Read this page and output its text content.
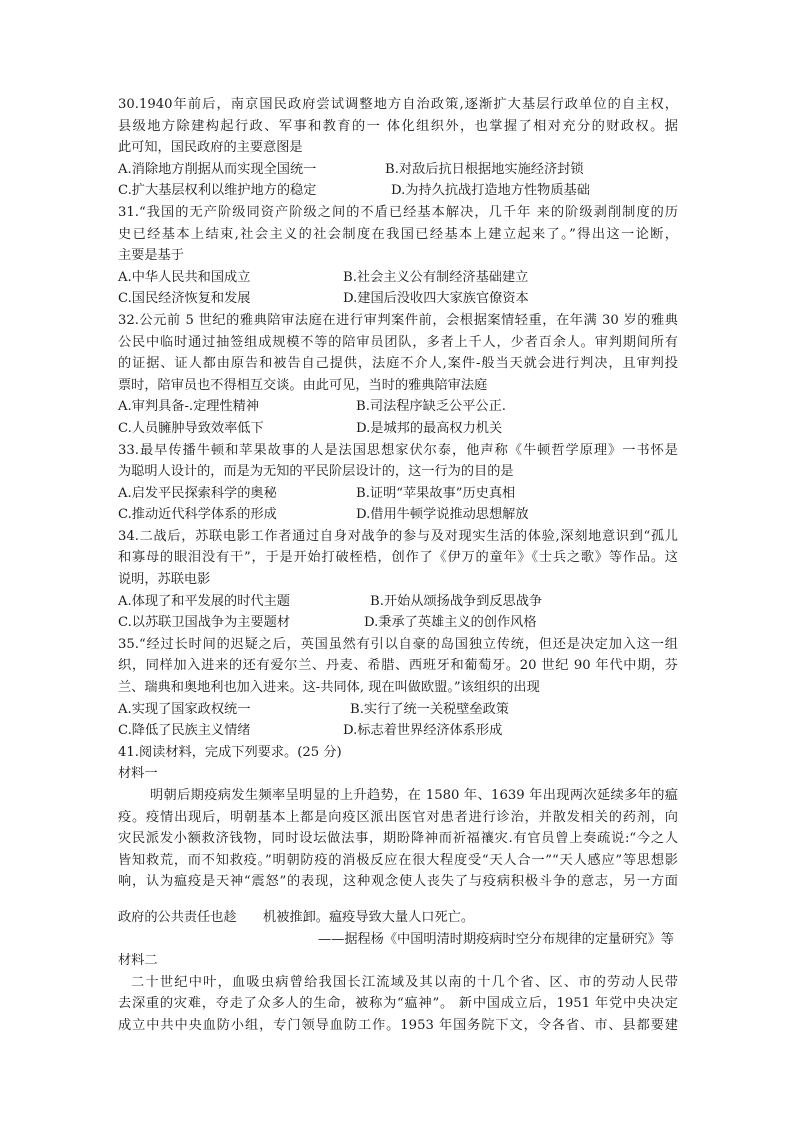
30.1940年前后，南京国民政府尝试调整地方自治政策,逐渐扩大基层行政单位的自主权，
县级地方除建构起行政、军事和教育的一 体化组织外，也掌握了相对充分的财政权。据
此可知，国民政府的主要意图是
A.消除地方削据从而实现全国统一	B.对敌后抗日根据地实施经济封锁
C.扩大基层权利以维护地方的稳定	D.为持久抗战打造地方性物质基础
31.“我国的无产阶级同资产阶级之间的不盾已经基本解决，几千年 来的阶级剥削制度的历
史已经基本上结束,社会主义的社会制度在我国已经基本上建立起来了。”得出这一论断，
主要是基于
A.中华人民共和国成立	B.社会主义公有制经济基础建立
C.国民经济恢复和发展	D.建国后没收四大家族官僚资本
32.公元前 5 世纪的雅典陪审法庭在进行审判案件前，会根据案情轻重，在年满 30 岁的雅典
公民中临时通过抽签组成规模不等的陪审员团队，多者上千人，少者百余人。审判期间所有
的证据、证人都由原告和被告自己提供，法庭不介人,案件-般当天就会进行判决，且审判投
票时，陪审员也不得相互交谈。由此可见，当时的雅典陪审法庭
A.审判具备-.定理性精神	B.司法程序缺乏公平公正.
C.人员臃肿导致效率低下	D.是城邦的最高权力机关
33.最早传播牛顿和苹果故事的人是法国思想家伏尔泰，他声称《牛顿哲学原理》一书怀是
为聪明人设计的，而是为无知的平民阶层设计的，这一行为的目的是
A.启发平民探索科学的奥秘	B.证明“苹果故事”历史真相
C.推动近代科学体系的形成	D.借用牛顿学说推动思想解放
34.二战后，苏联电影工作者通过自身对战争的参与及对现实生活的体验,深刻地意识到“孤儿
和寡母的眼泪没有干”，于是开始打破桎梏，创作了《伊万的童年》《士兵之歌》等作品。这
说明，苏联电影
A.体现了和平发展的时代主题	B.开始从颂扬战争到反思战争
C.以苏联卫国战争为主要题材	D.秉承了英雄主义的创作风格
35.“经过长时间的迟疑之后，英国虽然有引以自豪的岛国独立传统，但还是决定加入这一组
织，同样加入进来的还有爱尔兰、丹麦、希腊、西班牙和葡萄牙。20 世纪 90 年代中期，芬
兰、瑞典和奥地利也加入进来。这-共同体, 现在叫做欧盟。”该组织的出现
A.实现了国家政权统一	B.实行了统一关税壁垒政策
C.降低了民族主义情绪	D.标志着世界经济体系形成
41.阅读材料，完成下列要求。(25 分)
材料一
明朝后期疫病发生频率呈明显的上升趋势，在 1580 年、1639 年出现两次延续多年的瘟
疫。疫情出现后，明朝基本上都是向疫区派出医官对患者进行诊治，并散发相关的药剂，向
灾民派发小额救济钱物，同时设坛做法事，期盼降神而祈福禳灾.有官员曾上奏疏说:“今之人
皆知救荒，而不知救疫。”明朝防疫的消极反应在很大程度受“天人合一”“天人感应”等思想影
响，认为瘟疫是天神“震怒”的表现，这种观念使人丧失了与疫病积极斗争的意志，另一方面
政府的公共责任也趁　　机被推卸。瘟疫导致大量人口死亡。
——据程杨《中国明清时期疫病时空分布规律的定量研究》等
材料二
二十世纪中叶，血吸虫病曾给我国长江流域及其以南的十几个省、区、市的劳动人民带
去深重的灾难，夺走了众多人的生命，被称为“瘟神”。 新中国成立后，1951 年党中央决定
成立中共中央血防小组，专门领导血防工作。1953 年国务院下文，令各省、市、县都要建
